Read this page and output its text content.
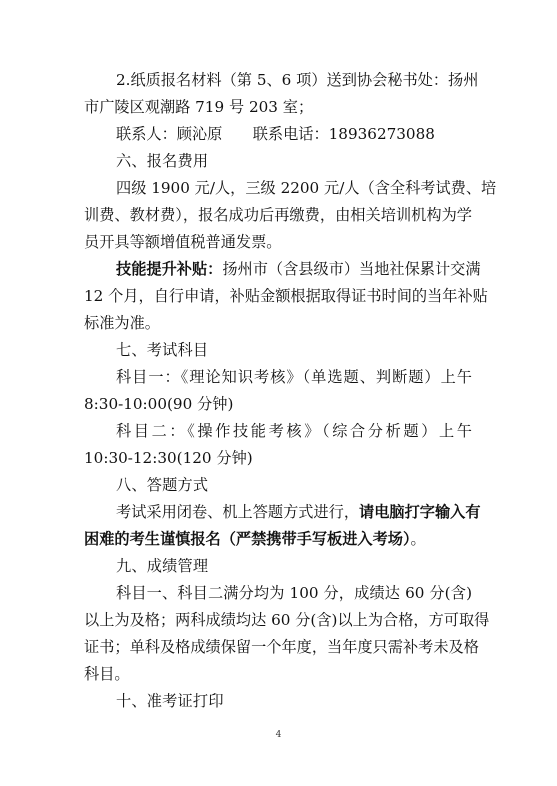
2.纸质报名材料（第 5、6 项）送到协会秘书处：扬州
市广陵区观潮路 719 号 203 室；
联系人：顾沁原　　联系电话：18936273088
六、报名费用
四级 1900 元/人，三级 2200 元/人（含全科考试费、培
训费、教材费），报名成功后再缴费，由相关培训机构为学
员开具等额增值税普通发票。
技能提升补贴：扬州市（含县级市）当地社保累计交满
12 个月，自行申请，补贴金额根据取得证书时间的当年补贴
标准为准。
七、考试科目
科目一：《理论知识考核》（单选题、判断题）上午
8:30-10:00(90 分钟)
科目二：《操作技能考核》（综合分析题）上午
10:30-12:30(120 分钟)
八、答题方式
考试采用闭卷、机上答题方式进行，请电脑打字输入有
困难的考生谨慎报名（严禁携带手写板进入考场）。
九、成绩管理
科目一、科目二满分均为 100 分，成绩达 60 分(含)
以上为及格；两科成绩均达 60 分(含)以上为合格，方可取得
证书；单科及格成绩保留一个年度，当年度只需补考未及格
科目。
十、准考证打印
4
